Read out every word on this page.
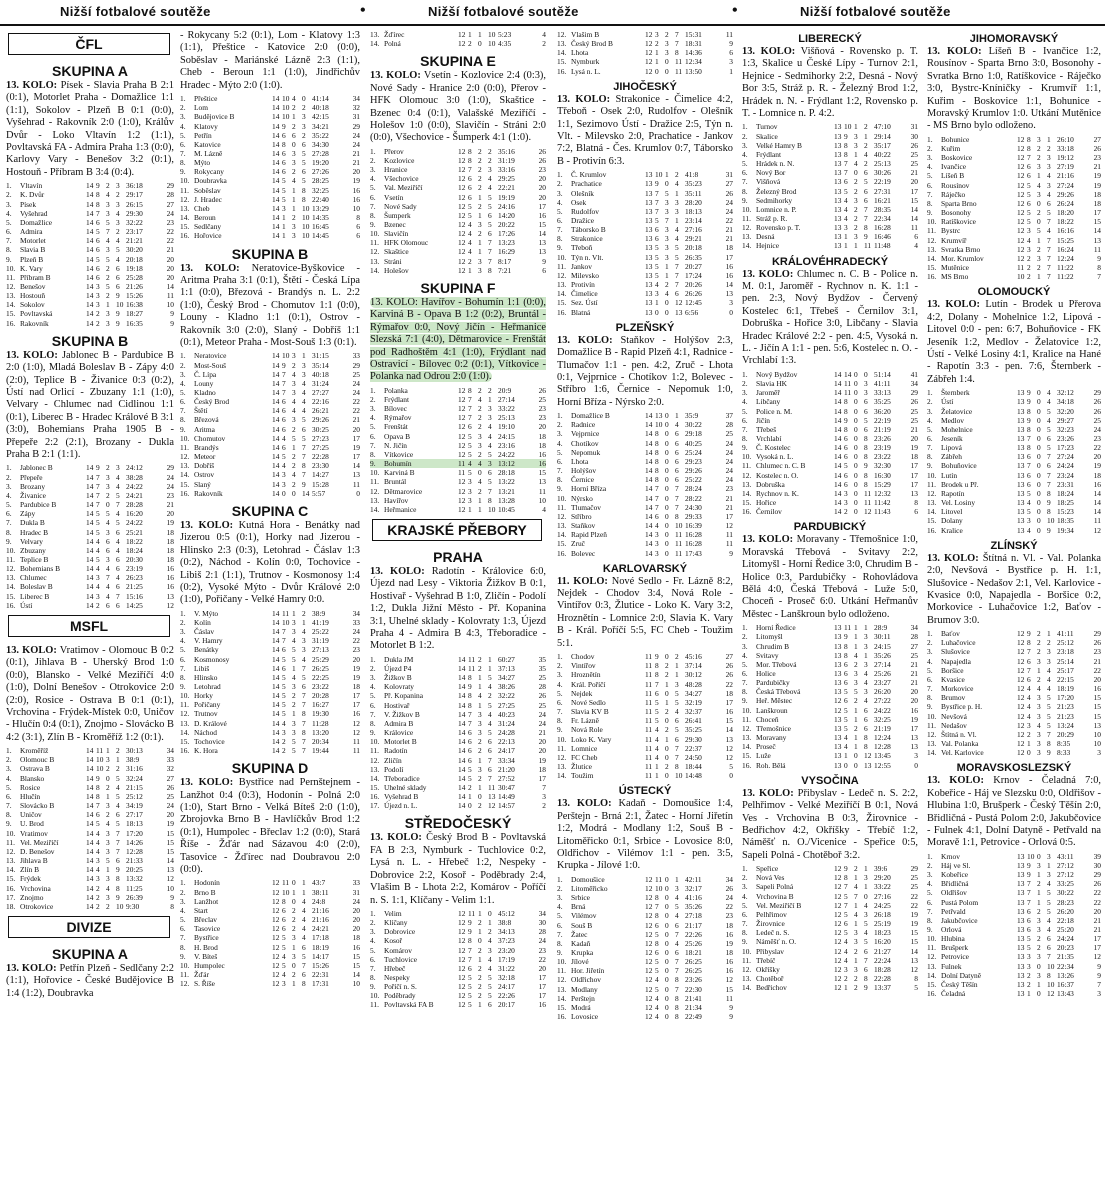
Nižší fotbalové soutěže	•	Nižší fotbalové soutěže	•	Nižší fotbalové soutěže
ČFL
SKUPINA A
13. KOLO: Písek - Slavia Praha B 2:1 (0:1), Motorlet Praha - Domažlice 1:1 (1:1), Sokolov - Plzeň B 0:1 (0:0), Vyšehrad - Rakovník 2:0 (1:0), Králův Dvůr - Loko Vltavín 1:2 (1:1), Povltavská FA - Admira Praha 1:3 (0:0), Karlovy Vary - Benešov 3:2 (0:1), Hostouň - Příbram B 3:4 (0:4).
1.	Vltavín	14 9 2 3 36:18	29
2.	K. Dvůr	14 8 4 2 29:17	28
3.	Písek	14 8 3 3 26:15	27
4.	Vyšehrad	14 7 3 4 29:30	24
5.	Domažlice	14 6 5 3 32:22	23
6.	Admira	14 5 7 2 23:17	22
7.	Motorlet	14 6 4 4 21:21	22
8.	Slavia B	14 6 3 5 30:20	21
9.	Plzeň B	14 5 5 4 20:18	20
10. K. Vary	14 6 2 6 19:18	20
11. Příbram B	14 6 2 6 25:28	20
12. Benešov	14 3 5 6 21:26	14
13. Hostouň	14 3 2 9 15:26	11
14. Sokolov	14 3 1 10 16:38	10
15. Povltavská	14 2 3 9 18:27	9
16. Rakovník	14 2 3 9 16:35	9
SKUPINA B
13. KOLO: Jablonec B - Pardubice B 2:0 (1:0), Mladá Boleslav B - Zápy 4:0 (2:0), Teplice B - Živanice 0:3 (0:2), Ústí nad Orlicí - Zbuzany 1:1 (1:0), Velvary - Chlumec nad Cidlinou 1:1 (0:1), Liberec B - Hradec Králové B 3:1 (3:0), Bohemians Praha 1905 B - Přepeře 2:2 (2:1), Brozany - Dukla Praha B 2:1 (1:1).
1.	Jablonec B	14 9 2 3 24:12	29
2.	Přepeře	14 7 3 4 38:28	24
3.	Brozany	14 7 3 4 24:22	24
4.	Živanice	14 7 2 5 24:21	23
5.	Pardubice B	14 7 0 7 28:28	21
6.	Zápy	14 5 5 4 16:20	20
7.	Dukla B	14 5 4 5 24:22	19
8.	Hradec B	14 5 3 6 25:21	18
9.	Velvary	14 4 6 4 18:22	18
10. Zbuzany	14 4 6 4 18:24	18
11. Teplice B	14 5 3 6 20:30	18
12. Bohemians B	14 4 4 6 23:19	16
13. Chlumec	14 3 7 4 26:23	16
14. Boleslav B	14 4 4 6 21:25	16
15. Liberec B	14 3 4 7 15:16	13
16. Ústí	14 2 6 6 14:25	12
MSFL
13. KOLO: Vratimov - Olomouc B 0:2 (0:1), Jihlava B - Uherský Brod 1:0 (0:0), Blansko - Velké Meziříčí 4:0 (1:0), Dolní Benešov - Otrokovice 2:0 (2:0), Rosice - Ostrava B 0:1 (0:1), Vrchovina - Frýdek-Místek 0:0, Uničov - Hlučín 0:4 (0:1), Znojmo - Slovácko B 4:2 (3:1), Zlín B - Kroměříž 1:2 (0:1).
1.	Kroměříž	14 11 1 2 30:13	34
2.	Olomouc B	14 10 3 1 38:9	33
3.	Ostrava B	14 10 2 2 31:16	32
4.	Blansko	14 9 0 5 32:24	27
5.	Rosice	14 8 2 4 21:15	26
6.	Hlučín	14 8 1 5 25:12	25
7.	Slovácko B	14 7 3 4 34:19	24
8.	Uničov	14 6 2 6 27:17	20
9.	U. Brod	14 5 4 5 18:13	19
10. Vratimov	14 4 3 7 17:20	15
11. Vel. Meziříčí	14 4 3 7 14:26	15
12. D. Benešov	14 4 3 7 12:28	15
13. Jihlava B	14 3 5 6 21:33	14
14. Zlín B	14 4 1 9 20:25	13
15. Frýdek	14 3 3 8 13:32	12
16. Vrchovina	14 2 4 8 11:25	10
17. Znojmo	14 2 3 9 26:39	9
18. Otrokovice	14 2 2 10 9:30	8
DIVIZE
SKUPINA A
13. KOLO: Petřín Plzeň - Sedlčany 2:2 (1:1), Hořovice - České Budějovice B 1:4 (1:2), Doubravka
- Rokycany 5:2 (0:1), Lom - Klatovy 1:3 (1:1), Přeštice - Katovice 2:0 (0:0), Soběslav - Mariánské Lázně 2:3 (1:1), Cheb - Beroun 1:1 (1:0), Jindřichův Hradec - Mýto 2:0 (1:0).
1.	Přeštice	14 10 4 0 41:14	34
2.	Lom	14 10 2 2 40:18	32
3.	Budějovice B	14 10 1 3 42:15	31
4.	Klatovy	14 9 2 3 34:21	29
5.	Petřín	14 6 6 2 35:22	24
6.	Katovice	14 8 0 6 34:30	24
7.	M. Lázně	14 6 3 5 27:28	21
8.	Mýto	14 6 3 5 19:20	21
9.	Rokycany	14 6 2 6 27:26	20
10. Doubravka	14 5 4 5 28:25	19
11. Soběslav	14 5 1 8 32:25	16
12. J. Hradec	14 5 1 8 22:40	16
13. Cheb	14 3 1 10 13:29	10
14. Beroun	14 1 2 10 14:35	8
15. Sedlčany	14 1 3 10 16:45	6
16. Hořovice	14 1 3 10 14:45	6
SKUPINA B
13. KOLO: Neratovice-Byškovice - Aritma Praha 3:1 (0:1), Štětí - Česká Lípa 1:1 (0:0), Březová - Brandýs n. L. 2:2 (1:0), Český Brod - Chomutov 1:1 (0:0), Louny - Kladno 1:1 (0:1), Ostrov - Rakovník 3:0 (2:0), Slaný - Dobříš 1:1 (0:1), Meteor Praha - Most-Souš 1:3 (0:1).
1.	Neratovice	14 10 3 1 31:15	33
2.	Most-Souš	14 9 2 3 35:14	29
3.	Č. Lípa	14 7 4 3 40:18	25
4.	Louny	14 7 3 4 31:24	24
5.	Kladno	14 7 3 4 27:27	24
6.	Český Brod	14 6 4 4 22:16	22
7.	Štětí	14 6 4 4 26:21	22
8.	Březová	14 6 3 5 29:26	21
9.	Aritma	14 6 2 6 30:25	20
10. Chomutov	14 4 5 5 27:23	17
11. Brandýs	14 6 1 7 27:25	19
12. Meteor	14 5 2 7 22:28	17
13. Dobříš	14 4 2 8 23:30	14
14. Ostrov	14 3 4 7 14:27	13
15. Slaný	14 3 2 9 15:28	11
16. Rakovník	14 0 0 14 5:57	0
SKUPINA C
13. KOLO: Kutná Hora - Benátky nad Jizerou 0:5 (0:1), Horky nad Jizerou - Hlinsko 2:3 (0:3), Letohrad - Čáslav 1:3 (0:2), Náchod - Kolín 0:0, Tochovice - Libiš 2:1 (1:1), Trutnov - Kosmonosy 1:4 (0:2), Vysoké Mýto - Dvůr Králové 2:0 (1:0), Pořičany - Velké Hamry 0:0.
1.	V. Mýto	14 11 1 2 38:9	34
2.	Kolín	14 10 3 1 41:19	33
3.	Čáslav	14 7 3 4 25:22	24
4.	V. Hamry	14 7 4 3 31:19	22
5.	Benátky	14 6 5 3 27:13	23
6.	Kosmonosy	14 5 5 4 25:29	20
7.	Libiš	14 6 1 7 26:25	19
8.	Hlinsko	14 5 4 5 22:25	19
9.	Letohrad	14 5 3 6 23:22	18
10. Horky	14 5 2 7 20:28	17
11. Pořičany	14 5 2 7 16:27	17
12. Trutnov	14 5 1 8 19:30	16
13. D. Králové	14 4 3 7 11:28	12
14. Náchod	14 3 3 8 13:20	12
15. Tochovice	14 2 5 7 20:34	11
16. K. Hora	14 2 5 7 19:44	11
SKUPINA D
13. KOLO: Bystřice nad Pernštejnem - Lanžhot 0:4 (0:3), Hodonín - Polná 2:0 (1:0), Start Brno - Velká Bíteš 2:0 (1:0), Zbrojovka Brno B - Havlíčkův Brod 1:2 (0:1), Humpolec - Břeclav 1:2 (0:0), Stará Říše - Žďár nad Sázavou 4:0 (2:0), Tasovice - Žďírec nad Doubravou 2:0 (0:0).
1.	Hodonín	12 11 0 1 43:7	33
2.	Brno B	12 10 1 1 38:11	31
3.	Lanžhot	12 8 0 4 24:8	24
4.	Start	12 6 2 4 21:16	20
5.	Břeclav	12 6 2 4 21:16	20
6.	Tasovice	12 6 2 4 24:21	20
7.	Bystřice	12 5 3 4 17:18	18
8.	H. Brod	12 5 1 6 18:19	16
9.	V. Bíteš	12 4 3 5 14:17	15
10. Humpolec	12 5 0 7 15:26	15
11. Žďár	12 4 2 6 22:31	14
12. S. Říše	12 3 1 8 17:31	10
13. Žďírec	12 1 1 10 5:23	4
14. Polná	12 2 0 10 4:35	2
SKUPINA E
13. KOLO: Vsetín - Kozlovice 2:4 (0:3), Nové Sady - Hranice 2:0 (0:0), Přerov - HFK Olomouc 3:0 (1:0), Skaštice - Bzenec 0:4 (0:1), Valašské Meziříčí - Holešov 1:0 (0:0), Slavičín - Stráni 2:0 (0:0), Všechovice - Šumperk 4:1 (1:0).
1.	Přerov	12 8 2 2 35:16	26
2.	Kozlovice	12 8 2 2 31:19	26
3.	Hranice	12 7 2 3 33:16	23
4.	Všechovice	12 6 2 4 29:25	20
5.	Val. Meziříčí	12 6 2 4 22:21	20
6.	Vsetín	12 6 1 5 19:19	20
7.	Nové Sady	12 5 2 5 24:16	17
8.	Šumperk	12 5 1 6 14:20	16
9.	Bzenec	12 4 3 5 20:22	15
10. Slavičín	12 4 2 6 17:26	14
11. HFK Olomouc	12 4 1 7 13:23	13
12. Skaštice	12 4 1 7 16:29	13
13. Stráni	12 2 3 7 8:17	9
14. Holešov	12 1 3 8 7:21	6
SKUPINA F
13. KOLO: Havířov - Bohumín 1:1 (0:0), Karviná B - Opava B 1:2 (0:2), Bruntál - Rýmařov 0:0, Nový Jičín - Heřmanice Slezská 7:1 (4:0), Dětmarovice - Frenštát pod Radhoštěm 4:1 (1:0), Frýdlant nad Ostravicí - Bílovec 0:2 (0:1), Vítkovice - Polanka nad Odrou 2:0 (1:0).
1.	Polanka	12 8 2 2 20:9	26
2.	Frýdlant	12 7 4 1 27:14	25
3.	Bílovec	12 7 2 3 33:22	23
4.	Rýmařov	12 7 2 3 25:13	23
5.	Frenštát	12 6 2 4 19:10	20
6.	Opava B	12 5 3 4 24:15	18
7.	N. Jičín	12 5 3 4 23:16	18
8.	Vítkovice	12 5 2 5 24:22	16
9.	Bohumín	11 4 4 3 13:12	16
10. Karviná B	11 5 0 6 28:18	15
11. Bruntál	12 3 4 5 13:22	13
12. Dětmarovice	12 3 2 7 13:21	11
13. Havířov	12 3 1 8 13:28	10
14. Heřmanice	12 1 1 10 10:45	4
KRAJSKÉ PŘEBORY
PRAHA
13. KOLO: Radotín - Královice 6:0, Újezd nad Lesy - Viktoria Žižkov B 0:1, Hostivař - Vyšehrad B 1:0, Zličín - Podolí 1:2, Dukla Jižní Město - Př. Kopanina 3:1, Uhelné sklady - Kolovraty 1:3, Újezd Praha 4 - Admira B 4:3, Třeboradice - Motorlet B 1:2.
1.	Dukla JM	14 11 2 1 60:27	35
2.	Újezd P4	14 11 2 1 37:13	35
3.	Žižkov B	14 8 1 5 34:27	25
4.	Kolovraty	14 9 1 4 38:26	28
5.	Př. Kopanina	14 8 4 2 32:22	26
6.	Hostivař	14 8 1 5 27:25	25
7.	V. Žižkov B	14 7 3 4 40:23	24
8.	Admira B	14 7 3 4 31:24	24
9.	Královice	14 6 3 5 24:28	21
10. Motorlet B	14 6 2 6 22:13	20
11. Radotín	14 6 2 6 24:17	20
12. Zličín	14 6 1 7 33:34	19
13. Podolí	14 5 3 6 21:20	18
14. Třeboradice	14 5 2 7 27:52	17
15. Uhelné sklady	14 2 1 11 30:47	7
16. Vyšehrad B	14 1 0 13 14:49	3
17. Újezd n. L.	14 0 2 12 14:57	2
STŘEDOČESKÝ
13. KOLO: Český Brod B - Povltavská FA B 2:3, Nymburk - Tuchlovice 0:2, Lysá n. L. - Hřebeč 1:2, Nespeky - Dobrovice 2:2, Kosoř - Poděbrady 2:4, Vlašim B - Lhota 2:2, Komárov - Poříčí n. S. 1:1, Klíčany - Velim 1:1.
1.	Velim	12 11 1 0 45:12	34
2.	Klíčany	12 9 2 1 38:8	30
3.	Dobrovice	12 9 1 2 34:13	28
4.	Kosoř	12 8 0 4 37:23	24
5.	Komárov	12 7 2 3 23:20	23
6.	Tuchlovice	12 7 1 4 17:19	22
7.	Hřebeč	12 6 2 4 31:22	20
8.	Nespeky	12 5 2 5 32:18	17
9.	Poříčí n. S.	12 5 2 5 24:17	17
10. Poděbrady	12 5 2 5 22:26	17
11. Povltavská FA B	12 5 1 6 20:17	16
12. Vlašim B	12 3 2 7 15:31	11
13. Český Brod B	12 2 3 7 18:31	9
14. Lhota	12 1 3 8 14:36	6
15. Nymburk	12 1 0 11 12:34	3
16. Lysá n. L.	12 0 0 11 13:50	1
JIHOČESKÝ
13. KOLO: Strakonice - Čimelice 4:2, Třeboň - Osek 2:0, Rudolfov - Olešník 1:1, Sezimovo Ústí - Dražice 2:5, Týn n. Vlt. - Milevsko 2:0, Prachatice - Jankov 7:2, Blatná - Čes. Krumlov 0:7, Táborsko B - Protivín 6:3.
1.	Č. Krumlov	13 10 1 2 41:8	31
2.	Prachatice	13 9 0 4 35:23	27
3.	Olešník	13 7 5 1 35:11	26
4.	Osek	13 7 3 3 28:20	24
5.	Rudolfov	13 7 3 3 18:13	24
6.	Dražice	13 5 7 1 23:14	22
7.	Táborsko B	13 6 3 4 27:16	21
8.	Strakonice	13 6 3 4 29:21	21
9.	Třeboň	13 5 3 5 20:18	18
10. Týn n. Vlt.	13 5 3 5 26:35	17
11. Jankov	13 5 1 7 20:27	16
12. Milevsko	13 5 1 7 17:24	16
13. Protivín	13 4 2 7 20:26	14
14. Čimelice	13 3 4 6 26:26	13
15. Sez. Ústí	13 1 0 12 12:45	3
16. Blatná	13 0 0 13 6:56	0
PLZEŇSKÝ
13. KOLO: Staňkov - Holýšov 2:3, Domažlice B - Rapid Plzeň 4:1, Radnice - Tlumačov 1:1 - pen. 4:2, Zruč - Lhota 0:1, Vejprnice - Chotíkov 1:2, Bolevec - Stříbro 1:6, Černice - Nepomuk 1:0, Horní Bříza - Nýrsko 2:0.
1.	Domažlice B	14 13 0 1 35:9	37
2.	Radnice	14 10 0 4 30:22	28
3.	Vejprnice	14 8 0 6 29:18	25
4.	Chotíkov	14 8 0 6 40:25	24
5.	Nepomuk	14 8 0 6 25:24	24
6.	Lhota	14 8 0 6 29:23	24
7.	Holýšov	14 8 0 6 29:26	24
8.	Černice	14 8 0 6 25:22	24
9.	Horní Bříza	14 7 0 7 28:24	23
10. Nýrsko	14 7 0 7 28:22	21
11. Tlumačov	14 7 0 7 24:30	21
12. Stříbro	14 6 0 8 29:33	17
13. Staňkov	14 4 0 10 16:39	12
14. Rapid Plzeň	14 3 0 11 16:28	11
15. Zruč	14 3 0 11 16:28	11
16. Bolevec	14 3 0 11 17:43	9
KARLOVARSKÝ
11. KOLO: Nové Sedlo - Fr. Lázně 8:2, Nejdek - Chodov 3:4, Nová Role - Vintířov 0:3, Žlutice - Loko K. Vary 3:2, Hroznětín - Lomnice 2:0, Slavia K. Vary B - Král. Poříčí 5:5, FC Cheb - Toužim 5:1.
1.	Chodov	11 9 0 2 45:16	27
2.	Vintířov	11 8 2 1 37:14	26
3.	Hroznětín	11 8 2 1 30:12	26
4.	Král. Poříčí	11 7 1 3 48:28	22
5.	Nejdek	11 6 0 5 34:27	18
6.	Nové Sedlo	11 5 1 5 32:19	17
7.	Slavia KV B	11 5 2 4 32:37	16
8.	Fr. Lázně	11 5 0 6 26:41	15
9.	Nová Role	11 4 2 5 35:25	14
10. Loko K. Vary	11 4 1 6 29:30	13
11. Lomnice	11 4 0 7 22:37	12
12. FC Cheb	11 4 0 7 24:50	12
13. Žlutice	11 1 2 8 18:44	5
14. Toužim	11 1 0 10 14:48	0
ÚSTECKÝ
13. KOLO: Kadaň - Domoušice 1:4, Perštejn - Brná 2:1, Žatec - Horní Jiřetín 1:2, Modrá - Modlany 1:2, Souš B - Litoměřicko 0:1, Srbice - Lovosice 8:0, Oldřichov - Vilémov 1:1 - pen. 3:5, Krupka - Jílové 1:0.
1.	Domoušice	12 11 0 1 42:11	34
2.	Litoměřicko	12 10 0 3 32:17	26
3.	Srbice	12 8 0 4 41:16	24
4.	Brná	12 7 0 5 35:26	22
5.	Vilémov	12 8 0 4 27:18	23
6.	Souš B	12 6 0 6 21:17	18
7.	Žatec	12 5 0 7 22:26	16
8.	Kadaň	12 8 0 4 25:26	19
9.	Krupka	12 6 0 6 18:21	18
10. Jílové	12 5 0 7 26:25	16
11. Hor. Jiřetín	12 5 0 7 26:25	16
12. Oldřichov	12 4 0 8 23:26	12
13. Modlany	12 5 0 7 22:30	15
14. Perštejn	12 4 0 8 21:41	11
15. Modrá	12 4 0 8 21:34	9
16. Lovosice	12 4 0 8 22:49	9
LIBERECKÝ
13. KOLO: Višňová - Rovensko p. T. 1:3, Skalice u České Lípy - Turnov 2:1, Hejnice - Sedmihorky 2:2, Desná - Nový Bor 3:5, Stráž p. R. - Železný Brod 1:2, Hrádek n. N. - Frýdlant 1:2, Rovensko p. T. - Lomnice n. P. 4:2.
1.	Turnov	13 10 1 2 47:10	31
2.	Skalice	13 9 3 1 29:14	30
3.	Velké Hamry B	13 8 3 2 35:17	26
4.	Frýdlant	13 8 1 4 40:22	25
5.	Hrádek n. N.	13 7 4 2 25:13	25
6.	Nový Bor	13 7 0 6 30:26	21
7.	Višňová	13 6 2 5 22:19	20
8.	Železný Brod	13 5 2 6 27:31	17
9.	Sedmihorky	13 4 3 6 16:21	15
10. Lomnice n. P.	13 4 2 7 28:35	14
11. Stráž p. R.	13 4 2 7 22:34	14
12. Rovensko p. T.	13 3 2 8 16:28	11
13. Desná	13 1 3 9 16:46	6
14. Hejnice	13 1 1 11 11:48	4
KRÁLOVÉHRADECKÝ
13. KOLO: Chlumec n. C. B - Police n. M. 0:1, Jaroměř - Rychnov n. K. 1:1 - pen. 2:3, Nový Bydžov - Červený Kostelec 6:1, Třebeš - Černilov 3:1, Dobruška - Hořice 3:0, Libčany - Slavia Hradec Králové 2:2 - pen. 4:5, Vysoká n. L. - Jičín A 1:1 - pen. 5:6, Kostelec n. O. - Vrchlabí 1:3.
1.	Nový Bydžov	14 14 0 0 51:14	41
2.	Slavia HK	14 11 0 3 41:11	34
3.	Jaroměř	14 11 0 3 33:13	29
4.	Libčany	14 8 0 6 35:25	26
5.	Police n. M.	14 8 0 6 36:20	25
6.	Jičín	14 9 0 5 22:19	25
7.	Třebeš	14 8 0 6 21:19	21
8.	Vrchlabí	14 6 0 8 23:26	20
9.	Č. Kostelec	14 6 0 8 23:19	19
10. Vysoká n. L.	14 6 0 8 23:22	18
11. Chlumec n. C. B	14 5 0 9 32:30	17
12. Kostelec n. O.	14 6 0 8 16:30	17
13. Dobruška	14 6 0 8 15:29	17
14. Rychnov n. K.	14 3 0 11 12:32	13
15. Hořice	14 3 0 11 11:42	8
16. Černilov	14 2 0 12 11:43	6
PARDUBICKÝ
13. KOLO: Moravany - Třemošnice 1:0, Moravská Třebová - Svitavy 2:2, Litomyšl - Horní Ředice 3:0, Chrudim B - Holice 0:3, Pardubičky - Rohovládova Bělá 4:0, Česká Třebová - Luže 5:0, Choceň - Proseč 6:0. Utkání Heřmanův Městec - Lanškroun bylo odloženo.
1.	Horní Ředice	13 11 1 1 28:9	34
2.	Litomyšl	13 9 1 3 30:11	28
3.	Chrudim B	13 8 1 3 24:15	27
4.	Svitavy	13 8 4 1 35:26	25
5.	Mor. Třebová	13 6 2 3 27:14	21
6.	Holice	13 6 3 4 25:26	21
7.	Pardubičky	13 6 3 4 23:27	21
8.	Česká Třebová	13 5 5 3 26:20	20
9.	Heř. Městec	12 6 2 4 27:22	20
10. Lanškroun	12 5 1 6 24:22	16
11. Choceň	13 5 1 6 32:25	19
12. Třemošnice	13 5 2 6 21:19	17
13. Moravany	13 4 1 8 12:24	13
14. Proseč	13 4 1 8 12:28	13
15. Luže	13 1 0 12 13:45	3
16. Roh. Bělá	13 0 0 13 12:55	0
VYSOČINA
13. KOLO: Přibyslav - Ledeč n. S. 2:2, Pelhřimov - Velké Meziříčí B 0:1, Nová Ves - Vrchovina B 0:3, Žirovnice - Bedřichov 4:2, Okříšky - Třebíč 1:2, Náměšť n. O./Vicenice - Speřice 0:5, Sapeli Polná - Chotěboř 3:2.
1.	Speřice	12 9 2 1 39:6	29
2.	Nová Ves	12 8 1 3 29:20	25
3.	Sapeli Polná	12 7 4 1 33:22	25
4.	Vrchovina B	12 5 7 0 27:16	22
5.	Vel. Meziříčí B	12 7 1 4 24:25	22
6.	Pelhřimov	12 5 4 3 26:18	19
7.	Žirovnice	12 6 1 5 25:19	19
8.	Ledeč n. S.	12 5 3 4 18:23	15
9.	Náměšť n. O.	12 4 3 5 16:20	15
10. Přibyslav	12 4 2 6 21:27	14
11. Třebíč	12 4 1 7 22:24	13
12. Okříšky	12 3 3 6 18:28	12
13. Chotěboř	12 2 2 8 22:28	8
14. Bedřichov	12 1 2 9 13:37	5
JIHOMORAVSKÝ
13. KOLO: Líšeň B - Ivančice 1:2, Rousínov - Sparta Brno 3:0, Bosonohy - Svratka Brno 1:0, Ratíškovice - Ráječko 3:0, Bystrc-Kníničky - Krumvíř 1:1, Kuřim - Boskovice 1:1, Bohunice - Moravský Krumlov 1:0. Utkání Mutěnice - MS Brno bylo odloženo.
1.	Bohunice	12 8 3 1 26:10	27
2.	Kuřim	12 8 2 2 33:18	26
3.	Boskovice	12 7 2 3 19:12	23
4.	Ivančice	12 6 3 3 27:19	21
5.	Líšeň B	12 6 1 4 21:16	19
6.	Rousínov	12 5 4 3 27:24	19
7.	Ráječko	12 5 3 4 29:26	18
8.	Sparta Brno	12 6 0 6 26:24	18
9.	Bosonohy	12 5 2 5 18:20	17
10. Ratíškovice	12 5 0 7 18:22	15
11. Bystrc	12 3 5 4 16:16	14
12. Krumvíř	12 4 1 7 15:25	13
13. Svratka Brno	12 3 2 7 16:24	11
14. Mor. Krumlov	12 2 3 7 12:24	9
15. Mutěnice	11 2 2 7 11:22	8
16. MS Brno	10 2 1 7 11:22	7
OLOMOUCKÝ
13. KOLO: Lutín - Brodek u Přerova 4:2, Dolany - Mohelnice 1:2, Lipová - Litovel 0:0 - pen: 6:7, Bohuňovice - FK Jeseník 1:2, Medlov - Želatovice 1:2, Ústí - Velké Losiny 4:1, Kralice na Hané - Rapotín 3:3 - pen. 7:6, Šternberk - Zábřeh 1:4.
1.	Šternberk	13 9 0 4 32:12	29
2.	Ústí	13 9 0 4 34:18	26
3.	Želatovice	13 8 0 5 32:20	26
4.	Medlov	13 9 0 4 29:27	25
5.	Mohelnice	13 8 0 5 32:23	24
6.	Jeseník	13 7 0 6 23:26	23
7.	Lipová	13 8 0 5 17:23	22
8.	Zábřeh	13 6 0 7 27:24	20
9.	Bohuňovice	13 7 0 6 24:24	19
10. Lutín	13 6 0 7 23:24	18
11. Brodek u Př.	13 6 0 7 23:31	16
12. Rapotín	13 5 0 8 18:24	14
13. Vel. Losiny	13 4 0 9 18:25	14
14. Litovel	13 5 0 8 15:23	14
15. Dolany	13 3 0 10 18:35	11
16. Kralice	13 4 0 9 19:34	12
ZLÍNSKÝ
13. KOLO: Štítná n. Vl. - Val. Polanka 2:0, Nevšová - Bystřice p. H. 1:1, Slušovice - Nedašov 2:1, Vel. Karlovice - Kvasice 0:0, Napajedla - Boršice 0:2, Morkovice - Luhačovice 1:2, Baťov - Brumov 3:0.
1.	Baťov	12 9 2 1 41:11	29
2.	Luhačovice	12 8 2 2 25:12	26
3.	Slušovice	12 7 2 3 23:18	23
4.	Napajedla	12 6 3 3 25:14	21
5.	Boršice	12 7 1 4 25:17	22
6.	Kvasice	12 6 2 4 22:15	20
7.	Morkovice	12 4 4 4 18:19	16
8.	Brumov	12 4 3 5 17:20	15
9.	Bystřice p. H.	12 4 3 5 21:23	15
10. Nevšová	12 4 3 5 21:23	15
11. Nedašov	12 3 4 5 13:24	13
12. Štítná n. Vl.	12 2 3 7 20:29	10
13. Val. Polanka	12 1 3 8 8:35	10
14. Vel. Karlovice	12 0 3 9 8:33	3
MORAVSKOSLEZSKÝ
13. KOLO: Krnov - Čeladná 7:0, Kobeřice - Háj ve Slezsku 0:0, Oldřišov - Hlubina 1:0, Brušperk - Český Těšín 2:0, Břidličná - Pustá Polom 2:0, Jakubčovice - Fulnek 4:1, Dolní Datyně - Petřvald na Moravě 1:1, Petrovice - Orlová 0:5.
1.	Krnov	13 10 0 3 43:11	39
2.	Háj ve Sl.	13 9 3 1 27:12	30
3.	Kobeřice	13 9 1 3 27:12	29
4.	Břidličná	13 7 2 4 33:25	26
5.	Oldřišov	13 7 1 5 30:22	22
6.	Pustá Polom	13 7 1 5 28:23	22
7.	Petřvald	13 6 2 5 26:20	20
8.	Jakubčovice	13 6 3 4 22:18	21
9.	Orlová	13 6 3 4 25:20	21
10. Hlubina	13 5 2 6 24:24	17
11. Brušperk	13 5 2 6 20:23	17
12. Petrovice	13 3 3 7 21:35	12
13. Fulnek	13 3 0 10 22:34	9
14. Dolní Datyně	13 2 3 8 13:26	9
15. Český Těšín	13 2 1 10 16:37	7
16. Čeladná	13 1 0 12 13:43	3
